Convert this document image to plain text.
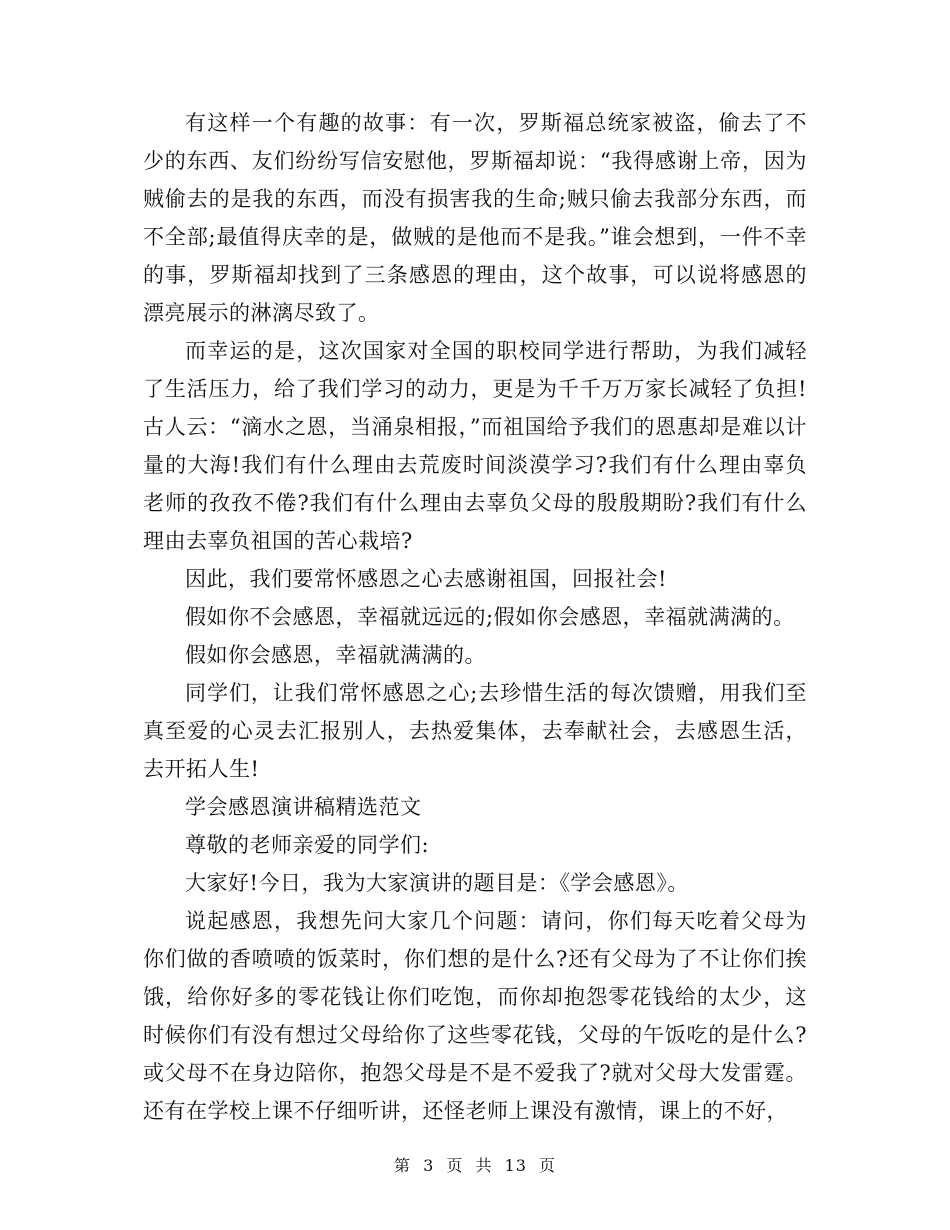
有这样一个有趣的故事：有一次，罗斯福总统家被盗，偷去了不少的东西、友们纷纷写信安慰他，罗斯福却说：“我得感谢上帝，因为贼偷去的是我的东西，而没有损害我的生命;贼只偷去我部分东西，而不全部;最值得庆幸的是，做贼的是他而不是我。”谁会想到，一件不幸的事，罗斯福却找到了三条感恩的理由，这个故事，可以说将感恩的漂亮展示的淋漓尽致了。

而幸运的是，这次国家对全国的职校同学进行帮助，为我们减轻了生活压力，给了我们学习的动力，更是为千千万万家长减轻了负担!古人云：“滴水之恩，当涌泉相报，”而祖国给予我们的恩惠却是难以计量的大海!我们有什么理由去荒废时间淡漠学习?我们有什么理由辜负老师的孜孜不倦?我们有什么理由去辜负父母的殷殷期盼?我们有什么理由去辜负祖国的苦心栽培?

因此，我们要常怀感恩之心去感谢祖国，回报社会!

假如你不会感恩，幸福就远远的;假如你会感恩，幸福就满满的。

假如你会感恩，幸福就满满的。

同学们，让我们常怀感恩之心;去珍惜生活的每次馈赠，用我们至真至爱的心灵去汇报别人，去热爱集体，去奉献社会，去感恩生活，去开拓人生!

学会感恩演讲稿精选范文

尊敬的老师亲爱的同学们:

大家好!今日，我为大家演讲的题目是：《学会感恩》。

说起感恩，我想先问大家几个问题：请问，你们每天吃着父母为你们做的香喷喷的饭菜时，你们想的是什么?还有父母为了不让你们挨饿，给你好多的零花钱让你们吃饱，而你却抱怨零花钱给的太少，这时候你们有没有想过父母给你了这些零花钱，父母的午饭吃的是什么?或父母不在身边陪你，抱怨父母是不是不爱我了?就对父母大发雷霆。还有在学校上课不仔细听讲，还怪老师上课没有激情，课上的不好，

第 3 页 共 13 页
